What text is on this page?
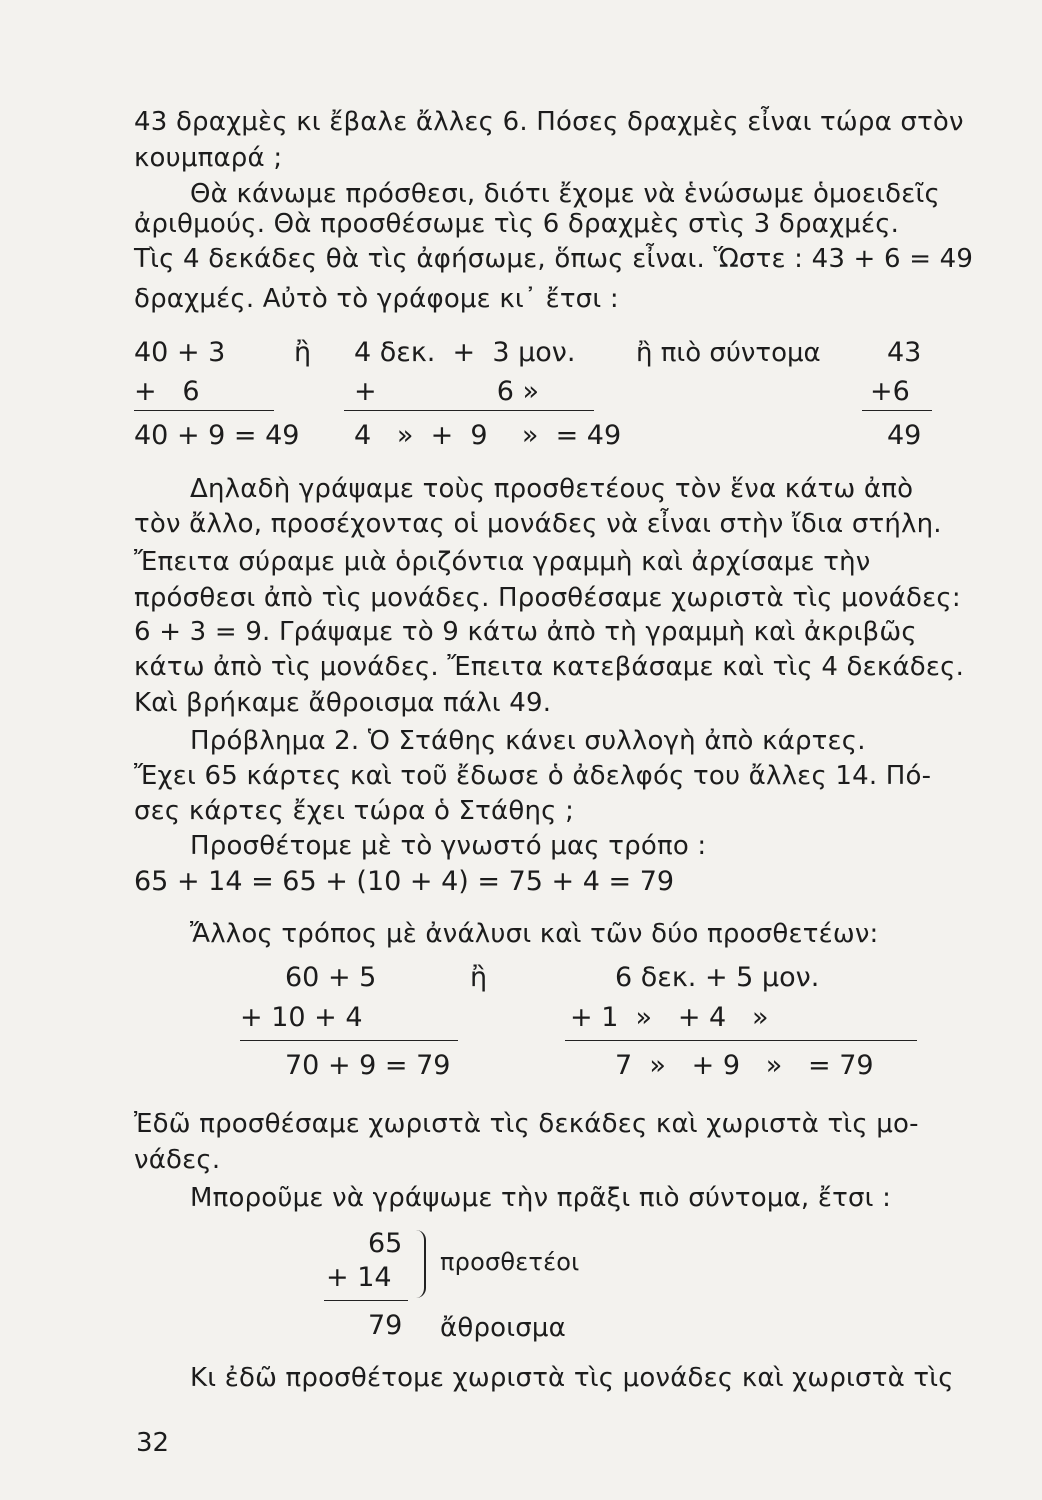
43 δραχμὲς κι ἔβαλε ἄλλες 6. Πόσες δραχμὲς εἶναι τώρα στὸν
κουμπαρά ;
Θὰ κάνωμε πρόσθεσι, διότι ἔχομε νὰ ἑνώσωμε ὁμοειδεῖς
ἀριθμούς. Θὰ προσθέσωμε τὶς 6 δραχμὲς στὶς 3 δραχμές.
Τὶς 4 δεκάδες θὰ τὶς ἀφήσωμε, ὅπως εἶναι. Ὥστε : 43 + 6 = 49
δραχμές. Αὐτὸ τὸ γράφομε κι᾽ ἔτσι :
40 + 3
+   6
40 + 9 = 49
ἢ 4 δεκ.  +  3 μον.
+              6 »
4   »  +  9    »  = 49
ἢ πιὸ σύντομα 43
+6
49
Δηλαδὴ γράψαμε τοὺς προσθετέους τὸν ἕνα κάτω ἀπὸ
τὸν ἄλλο, προσέχοντας οἱ μονάδες νὰ εἶναι στὴν ἴδια στήλη.
Ἔπειτα σύραμε μιὰ ὁριζόντια γραμμὴ καὶ ἀρχίσαμε τὴν
πρόσθεσι ἀπὸ τὶς μονάδες. Προσθέσαμε χωριστὰ τὶς μονάδες:
6 + 3 = 9. Γράψαμε τὸ 9 κάτω ἀπὸ τὴ γραμμὴ καὶ ἀκριβῶς
κάτω ἀπὸ τὶς μονάδες. Ἔπειτα κατεβάσαμε καὶ τὶς 4 δεκάδες.
Καὶ βρήκαμε ἄθροισμα πάλι 49.
Πρόβλημα 2. Ὁ Στάθης κάνει συλλογὴ ἀπὸ κάρτες.
Ἔχει 65 κάρτες καὶ τοῦ ἔδωσε ὁ ἀδελφός του ἄλλες 14. Πό-
σες κάρτες ἔχει τώρα ὁ Στάθης ;
Προσθέτομε μὲ τὸ γνωστό μας τρόπο :
65 + 14 = 65 + (10 + 4) = 75 + 4 = 79
Ἄλλος τρόπος μὲ ἀνάλυσι καὶ τῶν δύο προσθετέων:
60 + 5
+ 10 + 4
70 + 9 = 79
ἢ	6 δεκ. + 5 μον.
+ 1  »   + 4   »
7  »   + 9   »   = 79
Ἐδῶ προσθέσαμε χωριστὰ τὶς δεκάδες καὶ χωριστὰ τὶς μο-
νάδες.
Μποροῦμε νὰ γράψωμε τὴν πρᾶξι πιὸ σύντομα, ἔτσι :
65
+ 14 προσθετέοι
79 ἄθροισμα
Κι ἐδῶ προσθέτομε χωριστὰ τὶς μονάδες καὶ χωριστὰ τὶς
32
